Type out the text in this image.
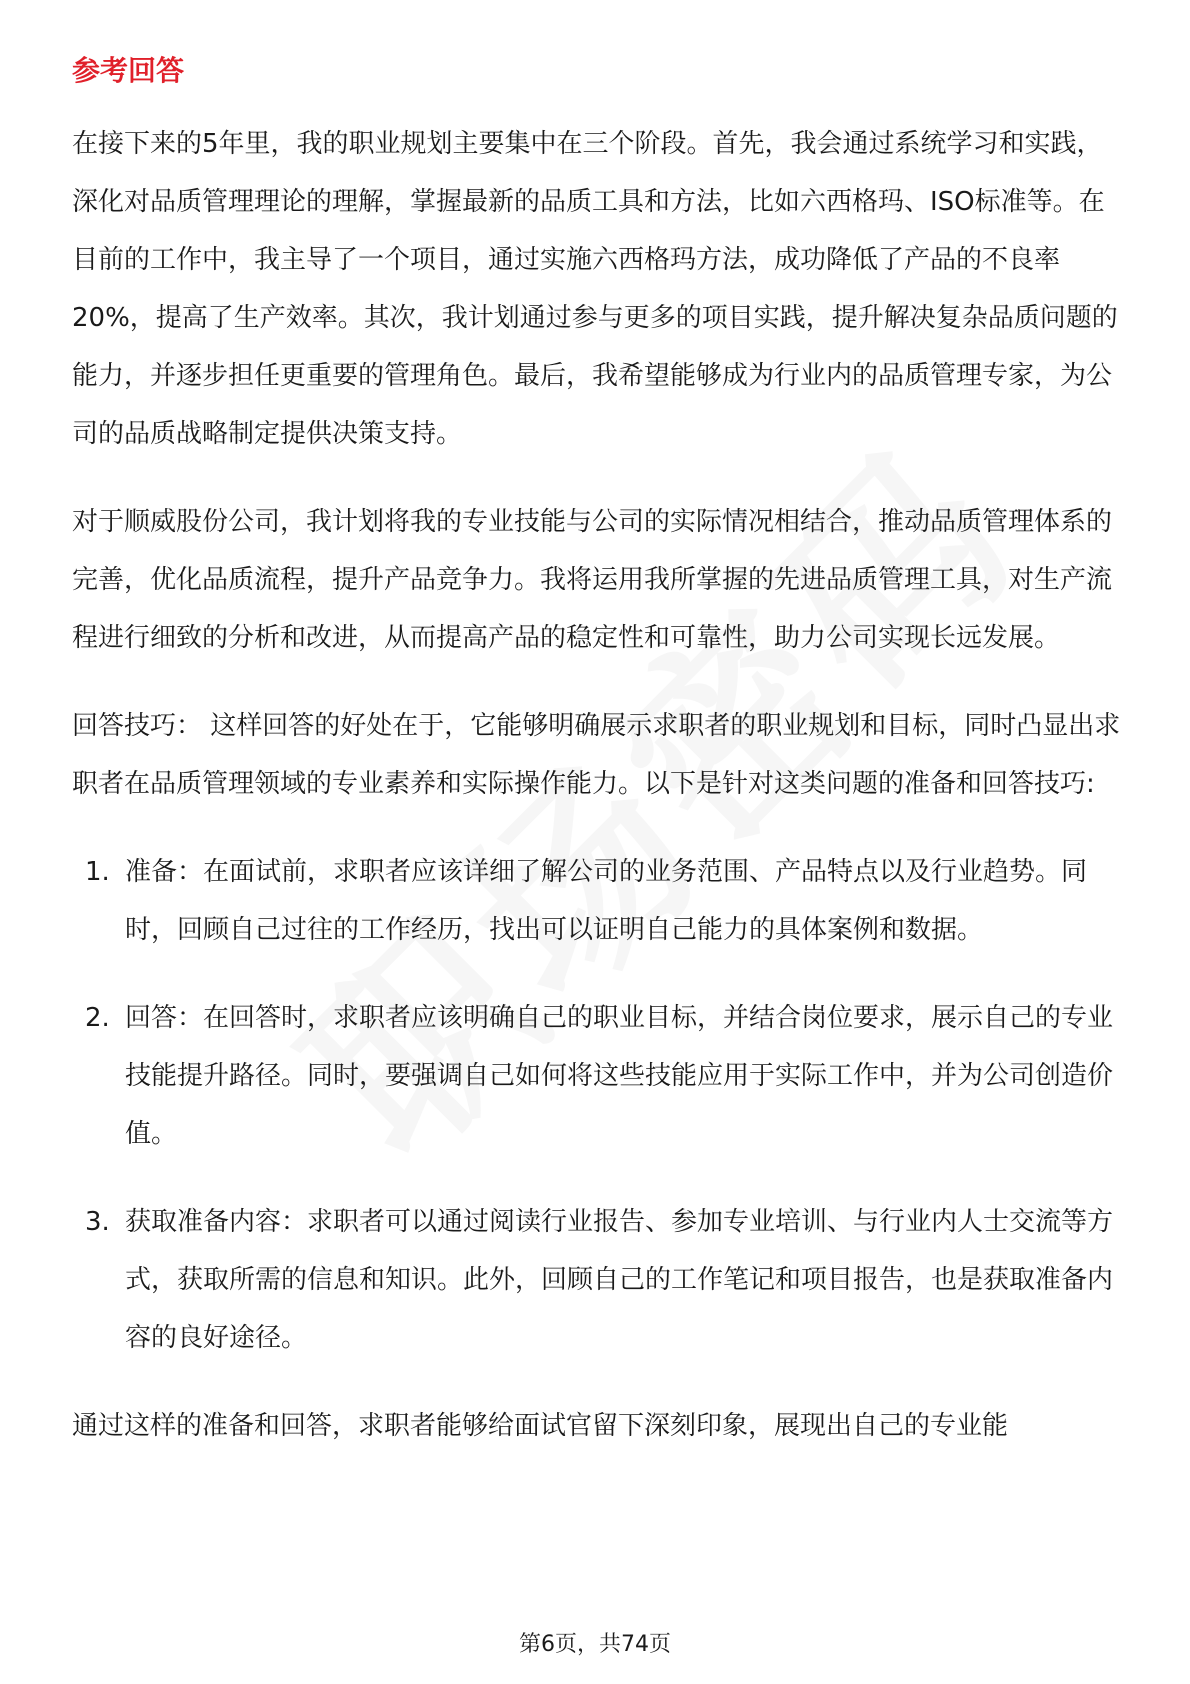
参考回答

在接下来的5年里，我的职业规划主要集中在三个阶段。首先，我会通过系统学习和实践，深化对品质管理理论的理解，掌握最新的品质工具和方法，比如六西格玛、ISO标准等。在目前的工作中，我主导了一个项目，通过实施六西格玛方法，成功降低了产品的不良率20%，提高了生产效率。其次，我计划通过参与更多的项目实践，提升解决复杂品质问题的能力，并逐步担任更重要的管理角色。最后，我希望能够成为行业内的品质管理专家，为公司的品质战略制定提供决策支持。

对于顺威股份公司，我计划将我的专业技能与公司的实际情况相结合，推动品质管理体系的完善，优化品质流程，提升产品竞争力。我将运用我所掌握的先进品质管理工具，对生产流程进行细致的分析和改进，从而提高产品的稳定性和可靠性，助力公司实现长远发展。

回答技巧： 这样回答的好处在于，它能够明确展示求职者的职业规划和目标，同时凸显出求职者在品质管理领域的专业素养和实际操作能力。以下是针对这类问题的准备和回答技巧:

1. 准备：在面试前，求职者应该详细了解公司的业务范围、产品特点以及行业趋势。同时，回顾自己过往的工作经历，找出可以证明自己能力的具体案例和数据。
2. 回答：在回答时，求职者应该明确自己的职业目标，并结合岗位要求，展示自己的专业技能提升路径。同时，要强调自己如何将这些技能应用于实际工作中，并为公司创造价值。
3. 获取准备内容：求职者可以通过阅读行业报告、参加专业培训、与行业内人士交流等方式，获取所需的信息和知识。此外，回顾自己的工作笔记和项目报告，也是获取准备内容的良好途径。

通过这样的准备和回答，求职者能够给面试官留下深刻印象，展现出自己的专业能

第6页，共74页
